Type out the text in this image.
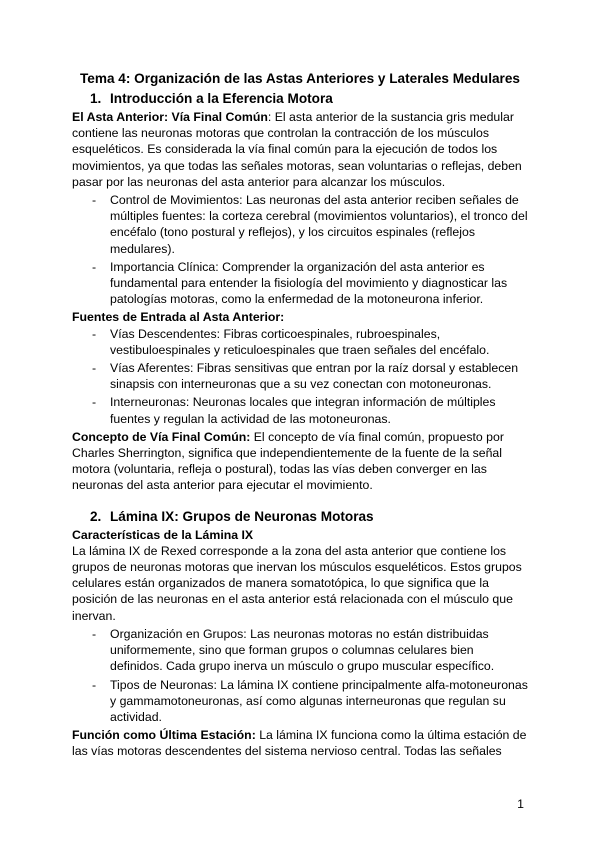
Tema 4: Organización de las Astas Anteriores y Laterales Medulares
1. Introducción a la Eferencia Motora

El Asta Anterior: Vía Final Común: El asta anterior de la sustancia gris medular contiene las neuronas motoras que controlan la contracción de los músculos esqueléticos. Es considerada la vía final común para la ejecución de todos los movimientos, ya que todas las señales motoras, sean voluntarias o reflejas, deben pasar por las neuronas del asta anterior para alcanzar los músculos.

- Control de Movimientos: Las neuronas del asta anterior reciben señales de múltiples fuentes: la corteza cerebral (movimientos voluntarios), el tronco del encéfalo (tono postural y reflejos), y los circuitos espinales (reflejos medulares).
- Importancia Clínica: Comprender la organización del asta anterior es fundamental para entender la fisiología del movimiento y diagnosticar las patologías motoras, como la enfermedad de la motoneurona inferior.

Fuentes de Entrada al Asta Anterior:

- Vías Descendentes: Fibras corticoespinales, rubroespinales, vestibuloespinales y reticuloespinales que traen señales del encéfalo.
- Vías Aferentes: Fibras sensitivas que entran por la raíz dorsal y establecen sinapsis con interneuronas que a su vez conectan con motoneuronas.
- Interneuronas: Neuronas locales que integran información de múltiples fuentes y regulan la actividad de las motoneuronas.

Concepto de Vía Final Común: El concepto de vía final común, propuesto por Charles Sherrington, significa que independientemente de la fuente de la señal motora (voluntaria, refleja o postural), todas las vías deben converger en las neuronas del asta anterior para ejecutar el movimiento.

2. Lámina IX: Grupos de Neuronas Motoras

Características de la Lámina IX

La lámina IX de Rexed corresponde a la zona del asta anterior que contiene los grupos de neuronas motoras que inervan los músculos esqueléticos. Estos grupos celulares están organizados de manera somatotópica, lo que significa que la posición de las neuronas en el asta anterior está relacionada con el músculo que inervan.

- Organización en Grupos: Las neuronas motoras no están distribuidas uniformemente, sino que forman grupos o columnas celulares bien definidos. Cada grupo inerva un músculo o grupo muscular específico.
- Tipos de Neuronas: La lámina IX contiene principalmente alfa-motoneuronas y gammamotoneuronas, así como algunas interneuronas que regulan su actividad.

Función como Última Estación: La lámina IX funciona como la última estación de las vías motoras descendentes del sistema nervioso central. Todas las señales

1
